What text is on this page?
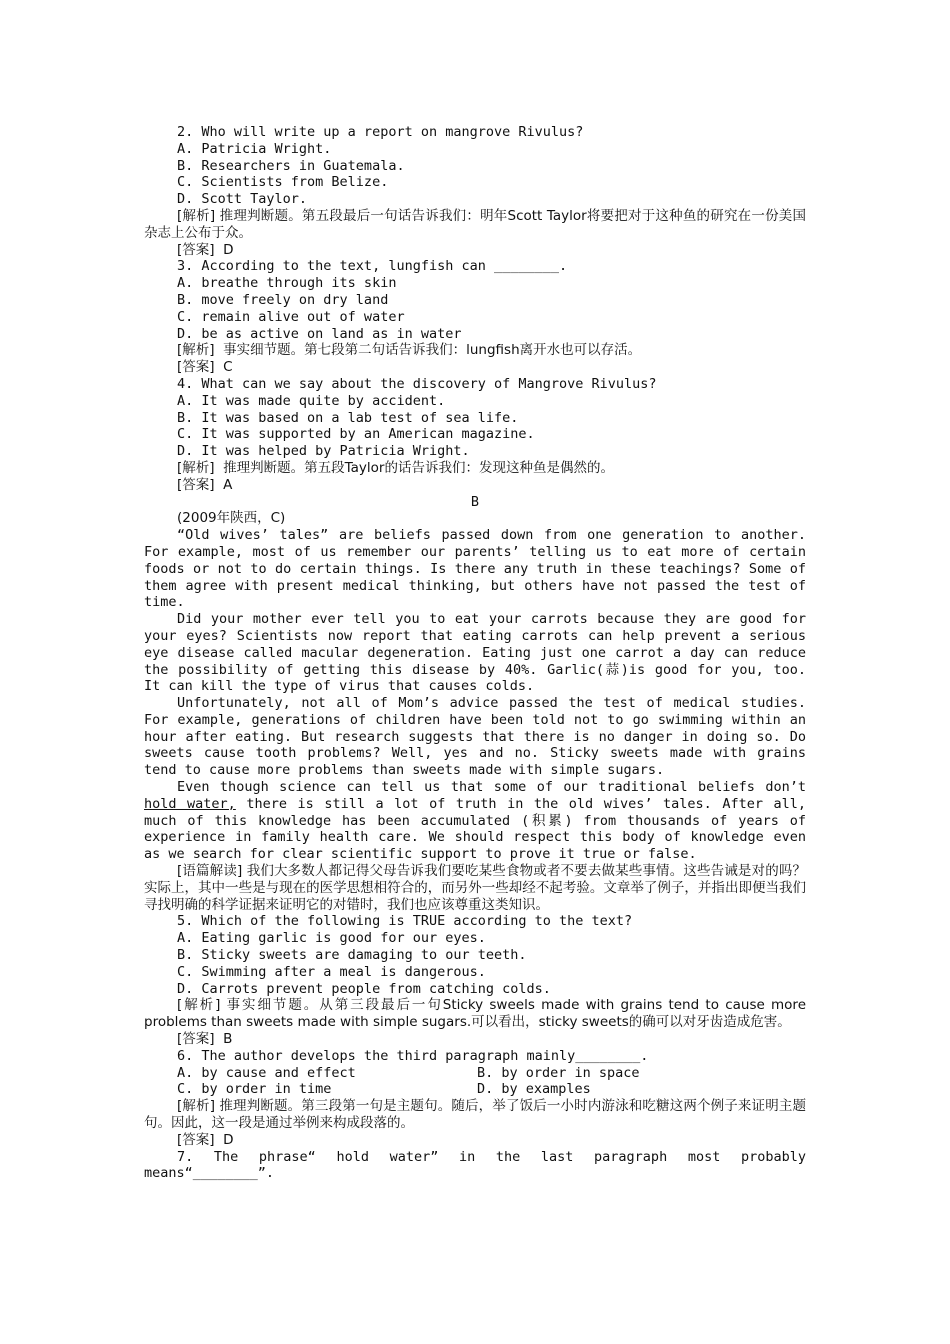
2. Who will write up a report on mangrove Rivulus?

A. Patricia Wright.

B. Researchers in Guatemala.

C. Scientists from Belize.

D. Scott Taylor.

[解析] 推理判断题。第五段最后一句话告诉我们：明年Scott Taylor将要把对于这种鱼的研究在一份美国杂志上公布于众。

[答案]  D

3. According to the text, lungfish can ________.

A. breathe through its skin

B. move freely on dry land

C. remain alive out of water

D. be as active on land as in water

[解析]  事实细节题。第七段第二句话告诉我们：lungfish离开水也可以存活。

[答案]  C

4. What can we say about the discovery of Mangrove Rivulus?

A. It was made quite by accident.

B. It was based on a lab test of sea life.

C. It was supported by an American magazine.

D. It was helped by Patricia Wright.

[解析]  推理判断题。第五段Taylor的话告诉我们：发现这种鱼是偶然的。

[答案]  A

B

(2009年陕西，C)

“Old wives’ tales” are beliefs passed down from one generation to another. For example, most of us remember our parents’ telling us to eat more of certain foods or not to do certain things. Is there any truth in these teachings? Some of them agree with present medical thinking, but others have not passed the test of time.

Did your mother ever tell you to eat your carrots because they are good for your eyes? Scientists now report that eating carrots can help prevent a serious eye disease called macular degeneration. Eating just one carrot a day can reduce the possibility of getting this disease by 40%. Garlic(蒜)is good for you, too. It can kill the type of virus that causes colds.

Unfortunately, not all of Mom’s advice passed the test of medical studies. For example, generations of children have been told not to go swimming within an hour after eating. But research suggests that there is no danger in doing so. Do sweets cause tooth problems? Well, yes and no. Sticky sweets made with grains tend to cause more problems than sweets made with simple sugars.

Even though science can tell us that some of our traditional beliefs don’t hold water, there is still a lot of truth in the old wives’ tales. After all, much of this knowledge has been accumulated (积累) from thousands of years of experience in family health care. We should respect this body of knowledge even as we search for clear scientific support to prove it true or false.

[语篇解读] 我们大多数人都记得父母告诉我们要吃某些食物或者不要去做某些事情。这些告诫是对的吗？实际上，其中一些是与现在的医学思想相符合的，而另外一些却经不起考验。文章举了例子，并指出即便当我们寻找明确的科学证据来证明它的对错时，我们也应该尊重这类知识。

5. Which of the following is TRUE according to the text?

A. Eating garlic is good for our eyes.

B. Sticky sweets are damaging to our teeth.

C. Swimming after a meal is dangerous.

D. Carrots prevent people from catching colds.

[解析] 事实细节题。从第三段最后一句Sticky sweels made with grains tend to cause more problems than sweets made with simple sugars.可以看出，sticky sweets的确可以对牙齿造成危害。

[答案]  B

6. The author develops the third paragraph mainly________.

A. by cause and effect	B. by order in space
C. by order in time	D. by examples

[解析] 推理判断题。第三段第一句是主题句。随后，举了饭后一小时内游泳和吃糖这两个例子来证明主题句。因此，这一段是通过举例来构成段落的。

[答案]  D

7. The phrase“ hold water” in the last paragraph most probably means“________”.
